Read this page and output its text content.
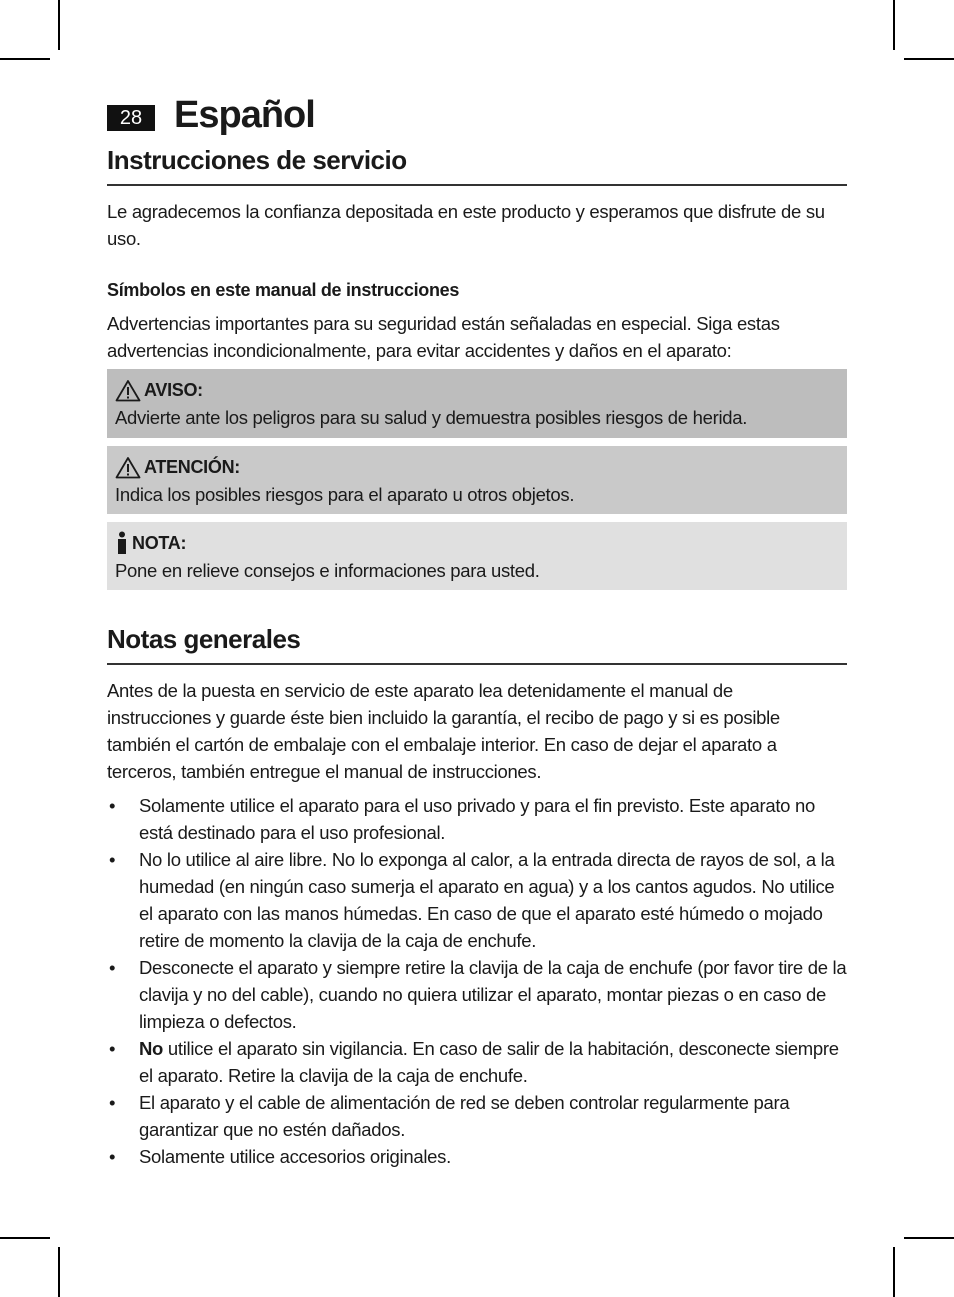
28 Español
Instrucciones de servicio
Le agradecemos la confianza depositada en este producto y esperamos que disfrute de su uso.
Símbolos en este manual de instrucciones
Advertencias importantes para su seguridad están señaladas en especial. Siga estas advertencias incondicionalmente, para evitar accidentes y daños en el aparato:
AVISO:
Advierte ante los peligros para su salud y demuestra posibles riesgos de herida.
ATENCIÓN:
Indica los posibles riesgos para el aparato u otros objetos.
NOTA:
Pone en relieve consejos e informaciones para usted.
Notas generales
Antes de la puesta en servicio de este aparato lea detenidamente el manual de instrucciones y guarde éste bien incluido la garantía, el recibo de pago y si es posible también el cartón de embalaje con el embalaje interior. En caso de dejar el aparato a terceros, también entregue el manual de instrucciones.
• Solamente utilice el aparato para el uso privado y para el fin previsto. Este aparato no está destinado para el uso profesional.
• No lo utilice al aire libre. No lo exponga al calor, a la entrada directa de rayos de sol, a la humedad (en ningún caso sumerja el aparato en agua) y a los cantos agudos. No utilice el aparato con las manos húmedas. En caso de que el aparato esté húmedo o mojado retire de momento la clavija de la caja de enchufe.
• Desconecte el aparato y siempre retire la clavija de la caja de enchufe (por favor tire de la clavija y no del cable), cuando no quiera utilizar el aparato, montar piezas o en caso de limpieza o defectos.
• No utilice el aparato sin vigilancia. En caso de salir de la habitación, desconecte siempre el aparato. Retire la clavija de la caja de enchufe.
• El aparato y el cable de alimentación de red se deben controlar regularmente para garantizar que no estén dañados.
• Solamente utilice accesorios originales.
